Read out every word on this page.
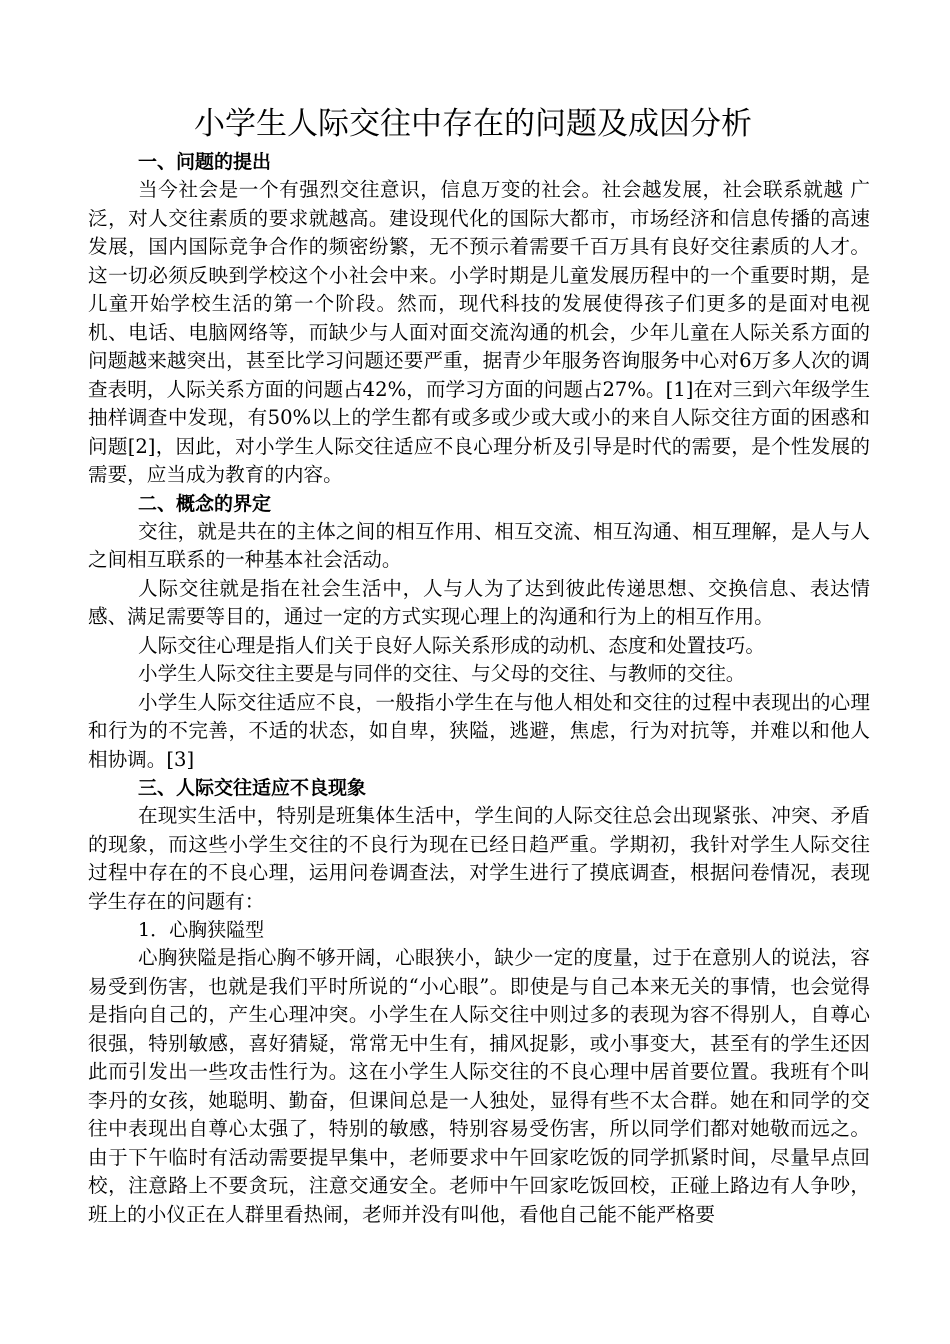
小学生人际交往中存在的问题及成因分析
一、问题的提出

当今社会是一个有强烈交往意识，信息万变的社会。社会越发展，社会联系就越 广泛，对人交往素质的要求就越高。建设现代化的国际大都市，市场经济和信息传播的高速发展，国内国际竞争合作的频密纷繁，无不预示着需要千百万具有良好交往素质的人才。这一切必须反映到学校这个小社会中来。小学时期是儿童发展历程中的一个重要时期，是儿童开始学校生活的第一个阶段。然而，现代科技的发展使得孩子们更多的是面对电视机、电话、电脑网络等，而缺少与人面对面交流沟通的机会，少年儿童在人际关系方面的问题越来越突出，甚至比学习问题还要严重，据青少年服务咨询服务中心对6万多人次的调查表明，人际关系方面的问题占42%，而学习方面的问题占27%。[1]在对三到六年级学生抽样调查中发现，有50%以上的学生都有或多或少或大或小的来自人际交往方面的困惑和问题[2]，因此，对小学生人际交往适应不良心理分析及引导是时代的需要，是个性发展的需要，应当成为教育的内容。

二、概念的界定

交往，就是共在的主体之间的相互作用、相互交流、相互沟通、相互理解，是人与人之间相互联系的一种基本社会活动。

人际交往就是指在社会生活中，人与人为了达到彼此传递思想、交换信息、表达情感、满足需要等目的，通过一定的方式实现心理上的沟通和行为上的相互作用。

人际交往心理是指人们关于良好人际关系形成的动机、态度和处置技巧。

小学生人际交往主要是与同伴的交往、与父母的交往、与教师的交往。

小学生人际交往适应不良，一般指小学生在与他人相处和交往的过程中表现出的心理和行为的不完善，不适的状态，如自卑，狭隘，逃避，焦虑，行为对抗等，并难以和他人相协调。[3]

三、人际交往适应不良现象

在现实生活中，特别是班集体生活中，学生间的人际交往总会出现紧张、冲突、矛盾的现象，而这些小学生交往的不良行为现在已经日趋严重。学期初，我针对学生人际交往过程中存在的不良心理，运用问卷调查法，对学生进行了摸底调查，根据问卷情况，表现学生存在的问题有：

1．心胸狭隘型

心胸狭隘是指心胸不够开阔，心眼狭小，缺少一定的度量，过于在意别人的说法，容易受到伤害，也就是我们平时所说的“小心眼”。即使是与自己本来无关的事情，也会觉得是指向自己的，产生心理冲突。小学生在人际交往中则过多的表现为容不得别人，自尊心很强，特别敏感，喜好猜疑，常常无中生有，捕风捉影，或小事变大，甚至有的学生还因此而引发出一些攻击性行为。这在小学生人际交往的不良心理中居首要位置。我班有个叫李丹的女孩，她聪明、勤奋，但课间总是一人独处，显得有些不太合群。她在和同学的交往中表现出自尊心太强了，特别的敏感，特别容易受伤害，所以同学们都对她敬而远之。由于下午临时有活动需要提早集中，老师要求中午回家吃饭的同学抓紧时间，尽量早点回校，注意路上不要贪玩，注意交通安全。老师中午回家吃饭回校，正碰上路边有人争吵，班上的小仪正在人群里看热闹，老师并没有叫他，看他自己能不能严格要
